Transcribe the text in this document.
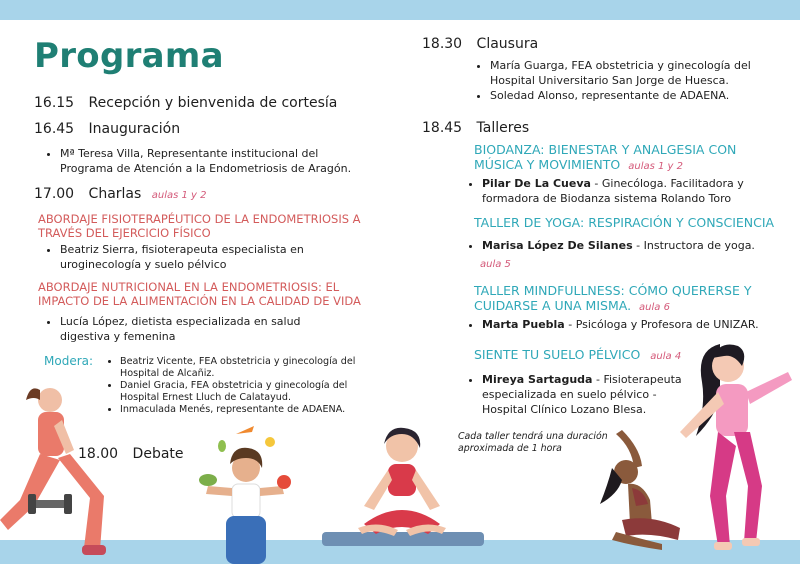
Programa
16.15 Recepción y bienvenida de cortesía
16.45 Inauguración
• Mª Teresa Villa, Representante institucional del Programa de Atención a la Endometriosis de Aragón.
17.00 Charlas aulas 1 y 2
ABORDAJE FISIOTERAPÉUTICO DE LA ENDOMETRIOSIS A TRAVÉS DEL EJERCICIO FÍSICO
• Beatriz Sierra, fisioterapeuta especialista en uroginecología y suelo pélvico
ABORDAJE NUTRICIONAL EN LA ENDOMETRIOSIS: EL IMPACTO DE LA ALIMENTACIÓN EN LA CALIDAD DE VIDA
• Lucía López, dietista especializada en salud digestiva y femenina
Modera:
•	Beatriz Vicente, FEA obstetricia y ginecología del Hospital de Alcañiz.
• Daniel Gracia, FEA obstetricia y ginecología del Hospital Ernest Lluch de Calatayud.
• Inmaculada Menés, representante de ADAENA.
18.00 Debate
18.30 Clausura
• María Guarga, FEA obstetricia y ginecología del Hospital Universitario San Jorge de Huesca.
• Soledad Alonso, representante de ADAENA.
18.45 Talleres
BIODANZA: BIENESTAR Y ANALGESIA CON MÚSICA Y MOVIMIENTO aulas 1 y 2
• Pilar De La Cueva - Ginecóloga. Facilitadora y formadora de Biodanza sistema Rolando Toro
TALLER DE YOGA: RESPIRACIÓN Y CONSCIENCIA
• Marisa López De Silanes - Instructora de yoga.
aula 5
TALLER MINDFULLNESS: CÓMO QUERERSE Y CUIDARSE A UNA MISMA. aula 6
• Marta Puebla - Psicóloga y Profesora de UNIZAR.
SIENTE TU SUELO PÉLVICO aula 4
• Mireya Sartaguda - Fisioterapeuta especializada en suelo pélvico - Hospital Clínico Lozano Blesa.
Cada taller tendrá una duración aproximada de 1 hora
